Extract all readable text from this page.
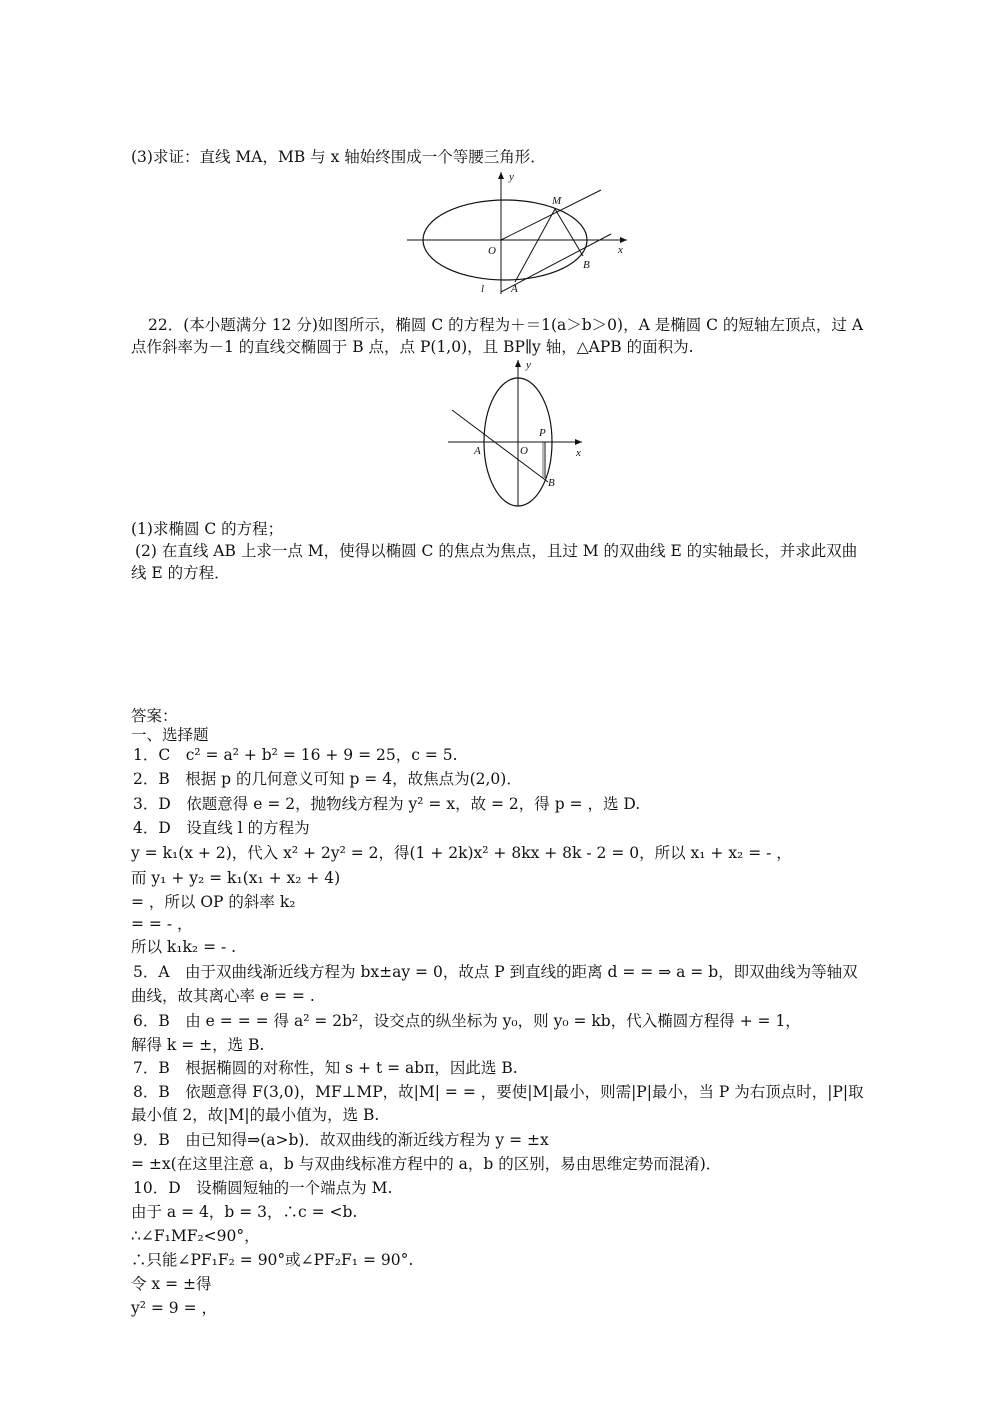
(3)求证：直线 MA，MB 与 x 轴始终围成一个等腰三角形．
y
x
O
M
B
A
l
22．(本小题满分 12 分)如图所示，椭圆 C 的方程为＋＝1(a＞b＞0)，A 是椭圆 C 的短轴左顶点，过 A
点作斜率为－1 的直线交椭圆于 B 点，点 P(1,0)，且 BP∥y 轴，△APB 的面积为.
y
x
O
P
A
B
(1)求椭圆 C 的方程；
(2) 在直线 AB 上求一点 M，使得以椭圆 C 的焦点为焦点，且过 M 的双曲线 E 的实轴最长，并求此双曲
线 E 的方程．
答案：
一、选择题
1．C　c² = a² + b² = 16 + 9 = 25，c = 5.
2．B　根据 p 的几何意义可知 p = 4，故焦点为(2,0)．
3．D　依题意得 e = 2，抛物线方程为 y² = x，故 = 2，得 p = ，选 D.
4．D　设直线 l 的方程为
y = k₁(x + 2)，代入 x² + 2y² = 2，得(1 + 2k)x² + 8kx + 8k - 2 = 0，所以 x₁ + x₂ = - ，
而 y₁ + y₂ = k₁(x₁ + x₂ + 4)
= ，所以 OP 的斜率 k₂
= = - ，
所以 k₁k₂ = - .
5．A　由于双曲线渐近线方程为 bx±ay = 0，故点 P 到直线的距离 d = = ⇒ a = b，即双曲线为等轴双
曲线，故其离心率 e = = .
6．B　由 e = = = 得 a² = 2b²，设交点的纵坐标为 y₀，则 y₀ = kb，代入椭圆方程得 + = 1，
解得 k = ±，选 B.
7．B　根据椭圆的对称性，知 s + t = abπ，因此选 B.
8．B　依题意得 F(3,0)，MF⊥MP，故|M| = = ，要使|M|最小，则需|P|最小，当 P 为右顶点时，|P|取
最小值 2，故|M|的最小值为，选 B.
9．B　由已知得⇒(a>b)．故双曲线的渐近线方程为 y = ±x
= ±x(在这里注意 a，b 与双曲线标准方程中的 a，b 的区别，易由思维定势而混淆)．
10．D　设椭圆短轴的一个端点为 M.
由于 a = 4，b = 3，∴c = <b.
∴∠F₁MF₂<90°，
∴只能∠PF₁F₂ = 90°或∠PF₂F₁ = 90°.
令 x = ±得
y² = 9 = ，
